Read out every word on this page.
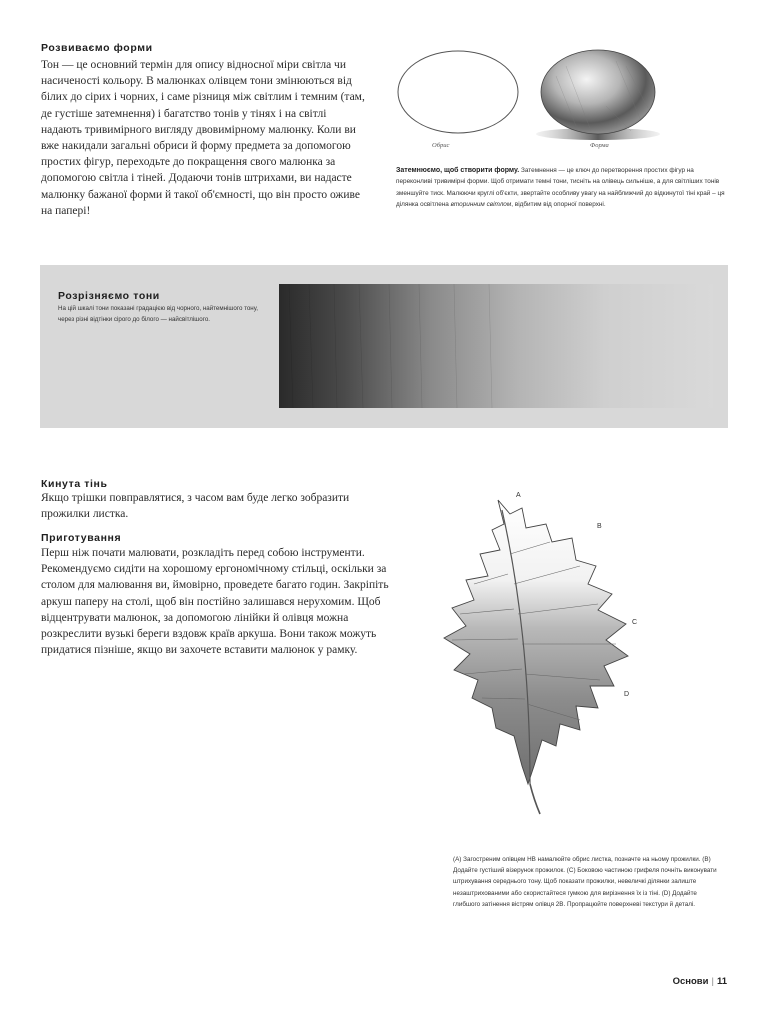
Розвиваємо форми
Тон — це основний термін для опису відносної міри світла чи насиченості кольору. В малюнках олівцем тони змінюються від білих до сірих і чорних, і саме різниця між світлим і темним (там, де густіше затемнення) і багатство тонів у тінях і на світлі надають тривимірного вигляду двовимірному малюнку. Коли ви вже накидали загальні обриси й форму предмета за допомогою простих фігур, переходьте до покращення свого малюнка за допомогою світла і тіней. Додаючи тонів штрихами, ви надасте малюнку бажаної форми й такої об'ємності, що він просто оживе на папері!
Обрис	Форма
Затемнюємо, щоб створити форму. Затемнення — це ключ до перетворення простих фігур на переконливі тривимірні форми. Щоб отримати темні тони, тисніть на олівець сильніше, а для світліших тонів зменшуйте тиск. Малюючи круглі об'єкти, звертайте особливу увагу на найближчий до відкинутої тіні край – ця ділянка освітлена вторинним світлом, відбитим від опорної поверхні.
Розрізняємо тони
На цій шкалі тони показані градацією від чорного, найтемнішого тону, через різні відтінки сірого до білого — найсвітлішого.
Кинута тінь
Якщо трішки повправлятися, з часом вам буде легко зобразити прожилки листка.
Приготування
Перш ніж почати малювати, розкладіть перед собою інструменти. Рекомендуємо сидіти на хорошому ергономічному стільці, оскільки за столом для малювання ви, ймовірно, проведете багато годин. Закріпіть аркуш паперу на столі, щоб він постійно залишався нерухомим. Щоб відцентрувати малюнок, за допомогою лінійки й олівця можна розкреслити вузькі береги вздовж країв аркуша. Вони також можуть придатися пізніше, якщо ви захочете вставити малюнок у рамку.
A
B
C
D
(A) Загостреним олівцем HB намалюйте обрис листка, позначте на ньому прожилки. (B) Додайте густіший візерунок прожилок. (C) Боковою частиною грифеля почніть виконувати штрихування середнього тону. Щоб показати прожилки, невеличкі ділянки залиште незаштрихованими або скористайтеся гумкою для вирізнення їх із тіні. (D) Додайте глибшого затінення вістрям олівця 2В. Пропрацюйте поверхневі текстури й деталі.
Основи | 11
